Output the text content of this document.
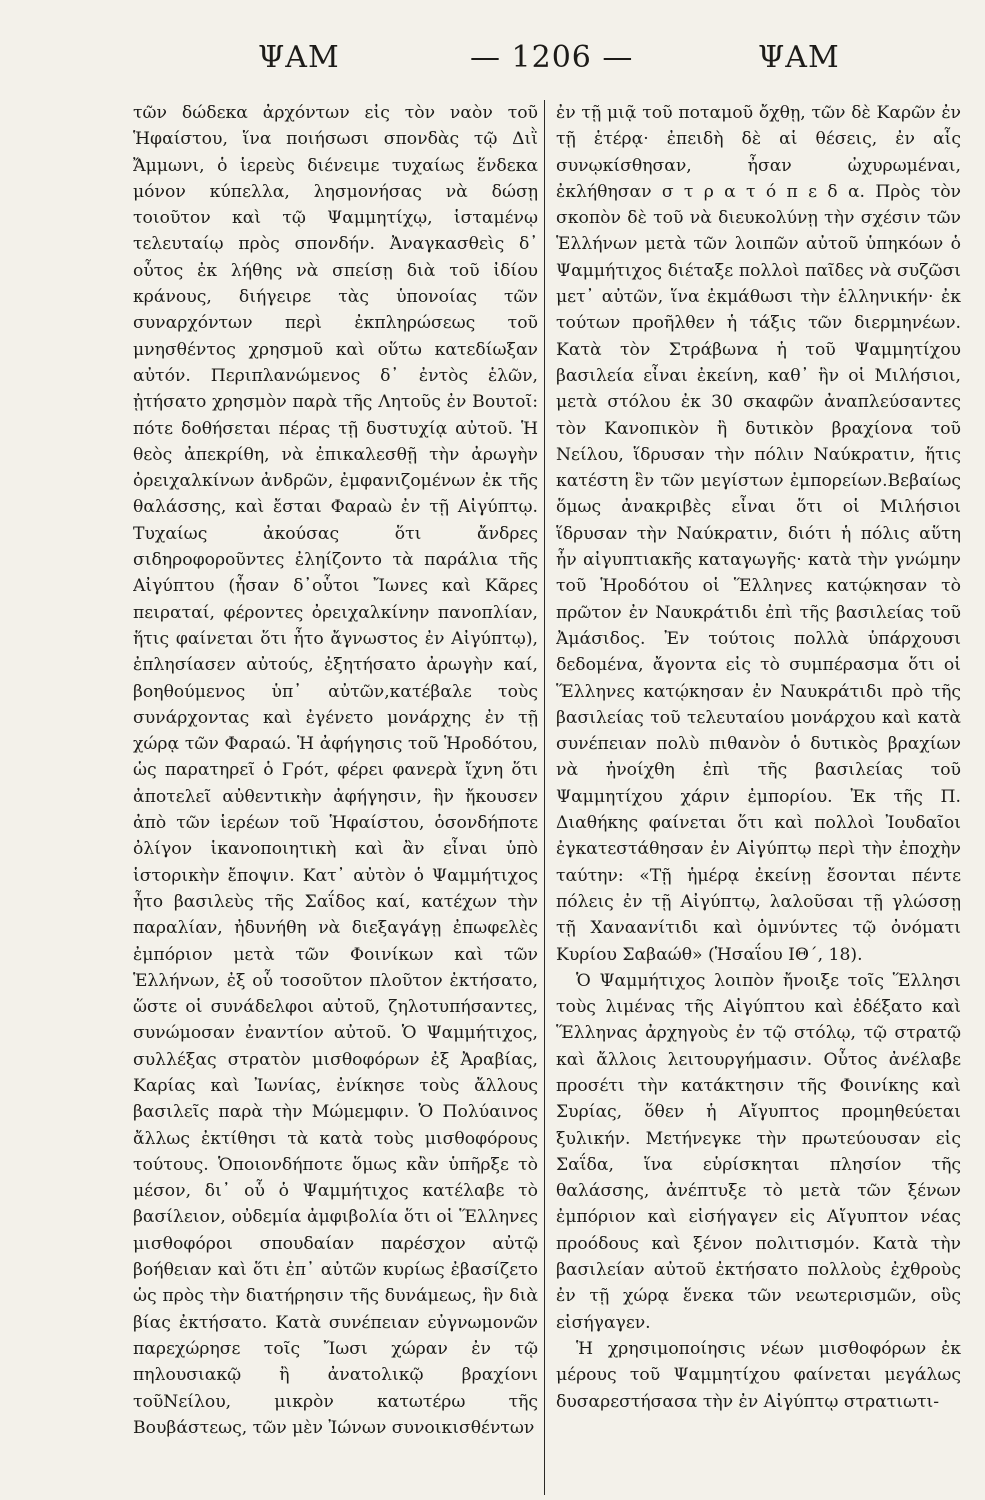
ΨΑΜ	— 1206 —	ΨΑΜ

τῶν δώδεκα ἀρχόντων εἰς τὸν ναὸν τοῦ Ἡφαίστου, ἵνα ποιήσωσι σπονδὰς τῷ Διῒ Ἄμμωνι, ὁ ἱερεὺς διένειμε τυχαίως ἕνδεκα μόνον κύπελλα, λησμονήσας νὰ δώσῃ τοιοῦτον καὶ τῷ Ψαμμητίχῳ, ἱσταμένῳ τελευταίῳ πρὸς σπονδήν. Ἀναγκασθεὶς δ᾽ οὗτος ἐκ λήθης νὰ σπείσῃ διὰ τοῦ ἰδίου κράνους, διήγειρε τὰς ὑπονοίας τῶν συναρχόντων περὶ ἐκπληρώσεως τοῦ μνησθέντος χρησμοῦ καὶ οὕτω κατεδίωξαν αὐτόν. Περιπλανώμενος δ᾽ ἐντὸς ἑλῶν, ᾐτήσατο χρησμὸν παρὰ τῆς Λητοῦς ἐν Βουτοῖ: πότε δοθήσεται πέρας τῇ δυστυχίᾳ αὐτοῦ. Ἡ θεὸς ἀπεκρίθη, νὰ ἐπικαλεσθῇ τὴν ἀρωγὴν ὀρειχαλκίνων ἀνδρῶν, ἐμφανιζομένων ἐκ τῆς θαλάσσης, καὶ ἔσται Φαραὼ ἐν τῇ Αἰγύπτῳ. Τυχαίως ἀκούσας ὅτι ἄνδρες σιδηροφοροῦντες ἐληίζοντο τὰ παράλια τῆς Αἰγύπτου (ἦσαν δ᾽οὗτοι Ἴωνες καὶ Κᾶρες πειραταί, φέροντες ὀρειχαλκίνην πανοπλίαν, ἥτις φαίνεται ὅτι ἦτο ἄγνωστος ἐν Αἰγύπτῳ), ἐπλησίασεν αὐτούς, ἐξητήσατο ἀρωγὴν καί, βοηθούμενος ὑπ᾽ αὐτῶν,κατέβαλε τοὺς συνάρχοντας καὶ ἐγένετο μονάρχης ἐν τῇ χώρᾳ τῶν Φαραώ. Ἡ ἀφήγησις τοῦ Ἡροδότου, ὡς παρατηρεῖ ὁ Γρότ, φέρει φανερὰ ἴχνη ὅτι ἀποτελεῖ αὐθεντικὴν ἀφήγησιν, ἣν ἤκουσεν ἀπὸ τῶν ἱερέων τοῦ Ἡφαίστου, ὁσονδήποτε ὀλίγον ἱκανοποιητικὴ καὶ ἂν εἶναι ὑπὸ ἱστορικὴν ἔποψιν. Κατ᾽ αὐτὸν ὁ Ψαμμήτιχος ἦτο βασιλεὺς τῆς Σαΐδος καί, κατέχων τὴν παραλίαν, ἠδυνήθη νὰ διεξαγάγῃ ἐπωφελὲς ἐμπόριον μετὰ τῶν Φοινίκων καὶ τῶν Ἑλλήνων, ἐξ οὗ τοσοῦτον πλοῦτον ἐκτήσατο, ὥστε οἱ συνάδελφοι αὐτοῦ, ζηλοτυπήσαντες, συνώμοσαν ἐναντίον αὐτοῦ. Ὁ Ψαμμήτιχος, συλλέξας στρατὸν μισθοφόρων ἐξ Ἀραβίας, Καρίας καὶ Ἰωνίας, ἐνίκησε τοὺς ἄλλους βασιλεῖς παρὰ τὴν Μώμεμφιν. Ὁ Πολύαινος ἄλλως ἐκτίθησι τὰ κατὰ τοὺς μισθοφόρους τούτους. Ὁποιονδήποτε ὅμως κἂν ὑπῆρξε τὸ μέσον, δι᾽ οὗ ὁ Ψαμμήτιχος κατέλαβε τὸ βασίλειον, οὐδεμία ἀμφιβολία ὅτι οἱ Ἕλληνες μισθοφόροι σπουδαίαν παρέσχον αὐτῷ βοήθειαν καὶ ὅτι ἐπ᾽ αὐτῶν κυρίως ἐβασίζετο ὡς πρὸς τὴν διατήρησιν τῆς δυνάμεως, ἣν διὰ βίας ἐκτήσατο. Κατὰ συνέπειαν εὐγνωμονῶν παρεχώρησε τοῖς Ἴωσι χώραν ἐν τῷ πηλουσιακῷ ἢ ἀνατολικῷ βραχίονι τοῦΝείλου, μικρὸν κατωτέρω τῆς Βουβάστεως, τῶν μὲν Ἰώνων συνοικισθέντων

ἐν τῇ μιᾷ τοῦ ποταμοῦ ὄχθῃ, τῶν δὲ Καρῶν ἐν τῇ ἑτέρᾳ· ἐπειδὴ δὲ αἱ θέσεις, ἐν αἷς συνῳκίσθησαν, ἦσαν ὠχυρωμέναι, ἐκλήθησαν σ τ ρ α τ ό π ε δ α. Πρὸς τὸν σκοπὸν δὲ τοῦ νὰ διευκολύνῃ τὴν σχέσιν τῶν Ἑλλήνων μετὰ τῶν λοιπῶν αὐτοῦ ὑπηκόων ὁ Ψαμμήτιχος διέταξε πολλοὶ παῖδες νὰ συζῶσι μετ᾽ αὐτῶν, ἵνα ἐκμάθωσι τὴν ἑλληνικήν· ἐκ τούτων προῆλθεν ἡ τάξις τῶν διερμηνέων. Κατὰ τὸν Στράβωνα ἡ τοῦ Ψαμμητίχου βασιλεία εἶναι ἐκείνη, καθ᾽ ἣν οἱ Μιλήσιοι, μετὰ στόλου ἐκ 30 σκαφῶν ἀναπλεύσαντες τὸν Κανοπικὸν ἢ δυτικὸν βραχίονα τοῦ Νείλου, ἵδρυσαν τὴν πόλιν Ναύκρατιν, ἥτις κατέστη ἓν τῶν μεγίστων ἐμπορείων.Βεβαίως ὅμως ἀνακριβὲς εἶναι ὅτι οἱ Μιλήσιοι ἵδρυσαν τὴν Ναύκρατιν, διότι ἡ πόλις αὕτη ἦν αἰγυπτιακῆς καταγωγῆς· κατὰ τὴν γνώμην τοῦ Ἡροδότου οἱ Ἕλληνες κατῴκησαν τὸ πρῶτον ἐν Ναυκράτιδι ἐπὶ τῆς βασιλείας τοῦ Ἀμάσιδος. Ἐν τούτοις πολλὰ ὑπάρχουσι δεδομένα, ἄγοντα εἰς τὸ συμπέρασμα ὅτι οἱ Ἕλληνες κατῴκησαν ἐν Ναυκράτιδι πρὸ τῆς βασιλείας τοῦ τελευταίου μονάρχου καὶ κατὰ συνέπειαν πολὺ πιθανὸν ὁ δυτικὸς βραχίων νὰ ἠνοίχθη ἐπὶ τῆς βασιλείας τοῦ Ψαμμητίχου χάριν ἐμπορίου. Ἐκ τῆς Π. Διαθήκης φαίνεται ὅτι καὶ πολλοὶ Ἰουδαῖοι ἐγκατεστάθησαν ἐν Αἰγύπτῳ περὶ τὴν ἐποχὴν ταύτην: «Τῇ ἡμέρᾳ ἐκείνῃ ἔσονται πέντε πόλεις ἐν τῇ Αἰγύπτῳ, λαλοῦσαι τῇ γλώσσῃ τῇ Χαναανίτιδι καὶ ὀμνύντες τῷ ὀνόματι Κυρίου Σαβαώθ» (Ἡσαΐου ΙΘ´, 18).

Ὁ Ψαμμήτιχος λοιπὸν ἤνοιξε τοῖς Ἕλλησι τοὺς λιμένας τῆς Αἰγύπτου καὶ ἐδέξατο καὶ Ἕλληνας ἀρχηγοὺς ἐν τῷ στόλῳ, τῷ στρατῷ καὶ ἄλλοις λειτουργήμασιν. Οὗτος ἀνέλαβε προσέτι τὴν κατάκτησιν τῆς Φοινίκης καὶ Συρίας, ὅθεν ἡ Αἴγυπτος προμηθεύεται ξυλικήν. Μετήνεγκε τὴν πρωτεύουσαν εἰς Σαΐδα, ἵνα εὑρίσκηται πλησίον τῆς θαλάσσης, ἀνέπτυξε τὸ μετὰ τῶν ξένων ἐμπόριον καὶ εἰσήγαγεν εἰς Αἴγυπτον νέας προόδους καὶ ξένον πολιτισμόν. Κατὰ τὴν βασιλείαν αὐτοῦ ἐκτήσατο πολλοὺς ἐχθροὺς ἐν τῇ χώρᾳ ἕνεκα τῶν νεωτερισμῶν, οὓς εἰσήγαγεν.

Ἡ χρησιμοποίησις νέων μισθοφόρων ἐκ μέρους τοῦ Ψαμμητίχου φαίνεται μεγάλως δυσαρεστήσασα τὴν ἐν Αἰγύπτῳ στρατιωτι-
